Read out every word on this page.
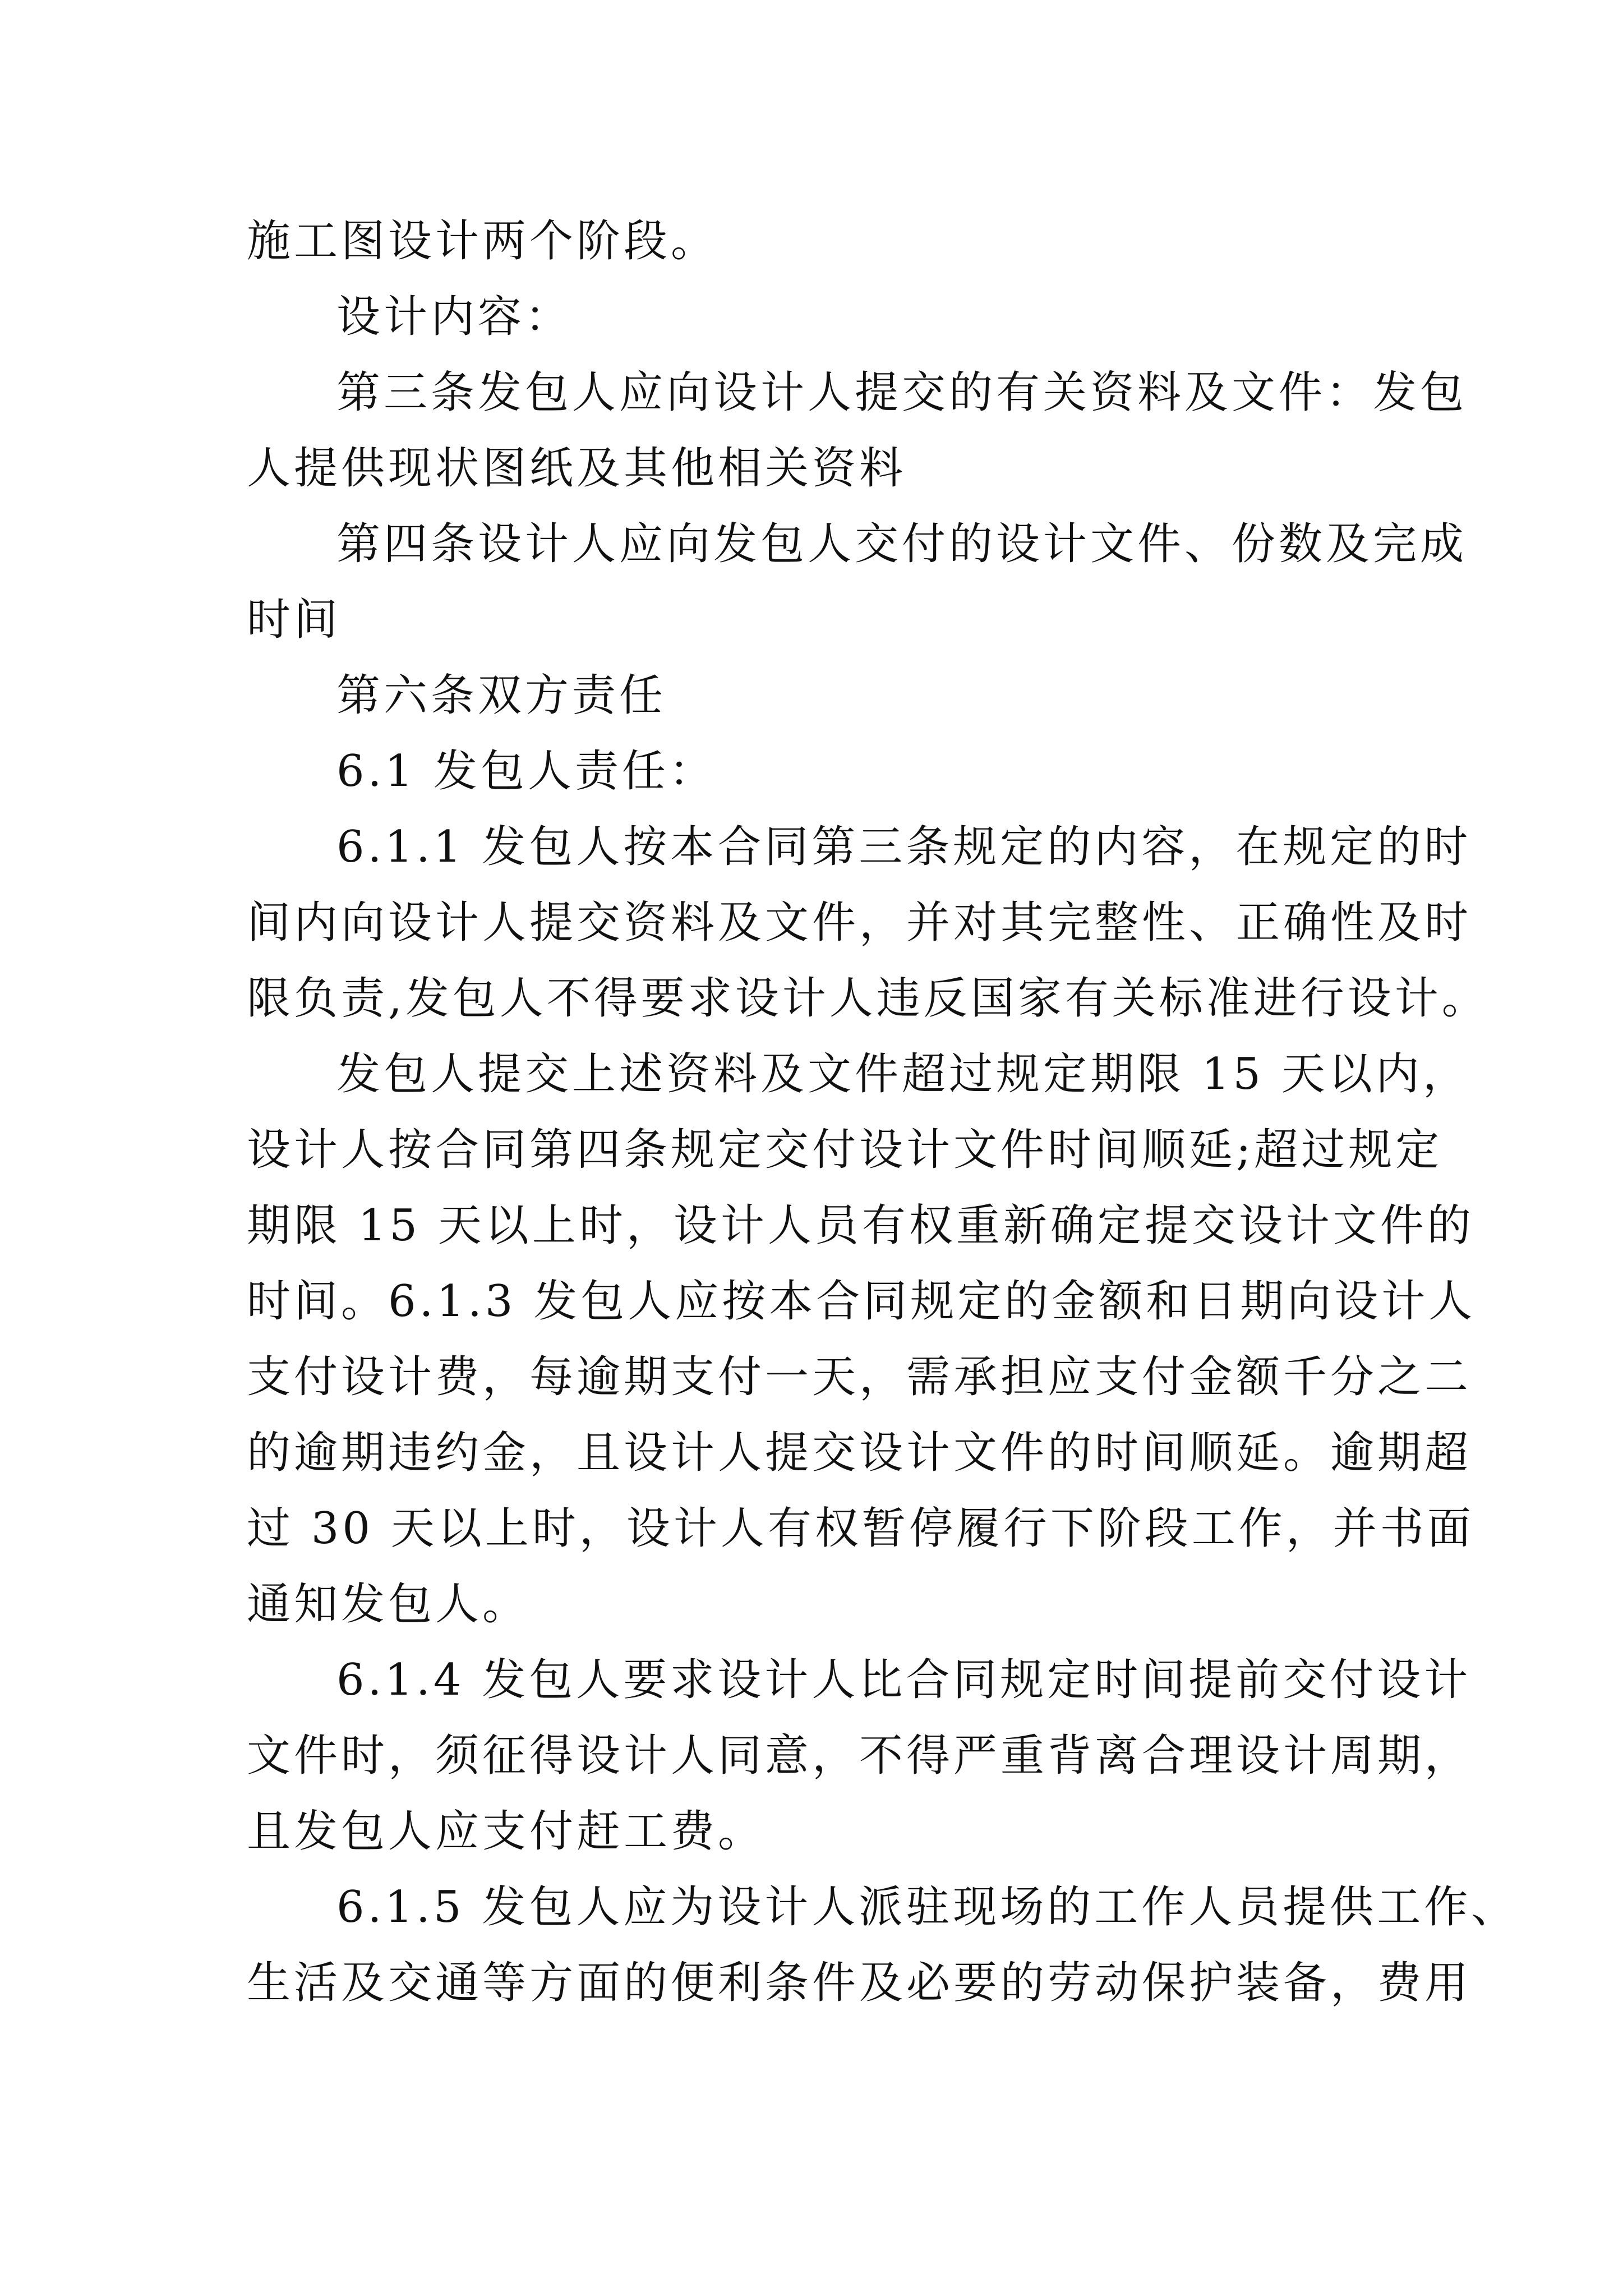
施工图设计两个阶段。
设计内容：
第三条发包人应向设计人提交的有关资料及文件：发包
人提供现状图纸及其他相关资料
第四条设计人应向发包人交付的设计文件、份数及完成
时间
第六条双方责任
6.1 发包人责任：
6.1.1 发包人按本合同第三条规定的内容，在规定的时
间内向设计人提交资料及文件，并对其完整性、正确性及时
限负责,发包人不得要求设计人违反国家有关标准进行设计。
发包人提交上述资料及文件超过规定期限 15 天以内，
设计人按合同第四条规定交付设计文件时间顺延;超过规定
期限 15 天以上时，设计人员有权重新确定提交设计文件的
时间。6.1.3 发包人应按本合同规定的金额和日期向设计人
支付设计费，每逾期支付一天，需承担应支付金额千分之二
的逾期违约金，且设计人提交设计文件的时间顺延。逾期超
过 30 天以上时，设计人有权暂停履行下阶段工作，并书面
通知发包人。
6.1.4 发包人要求设计人比合同规定时间提前交付设计
文件时，须征得设计人同意，不得严重背离合理设计周期，
且发包人应支付赶工费。
6.1.5 发包人应为设计人派驻现场的工作人员提供工作、
生活及交通等方面的便利条件及必要的劳动保护装备，费用
